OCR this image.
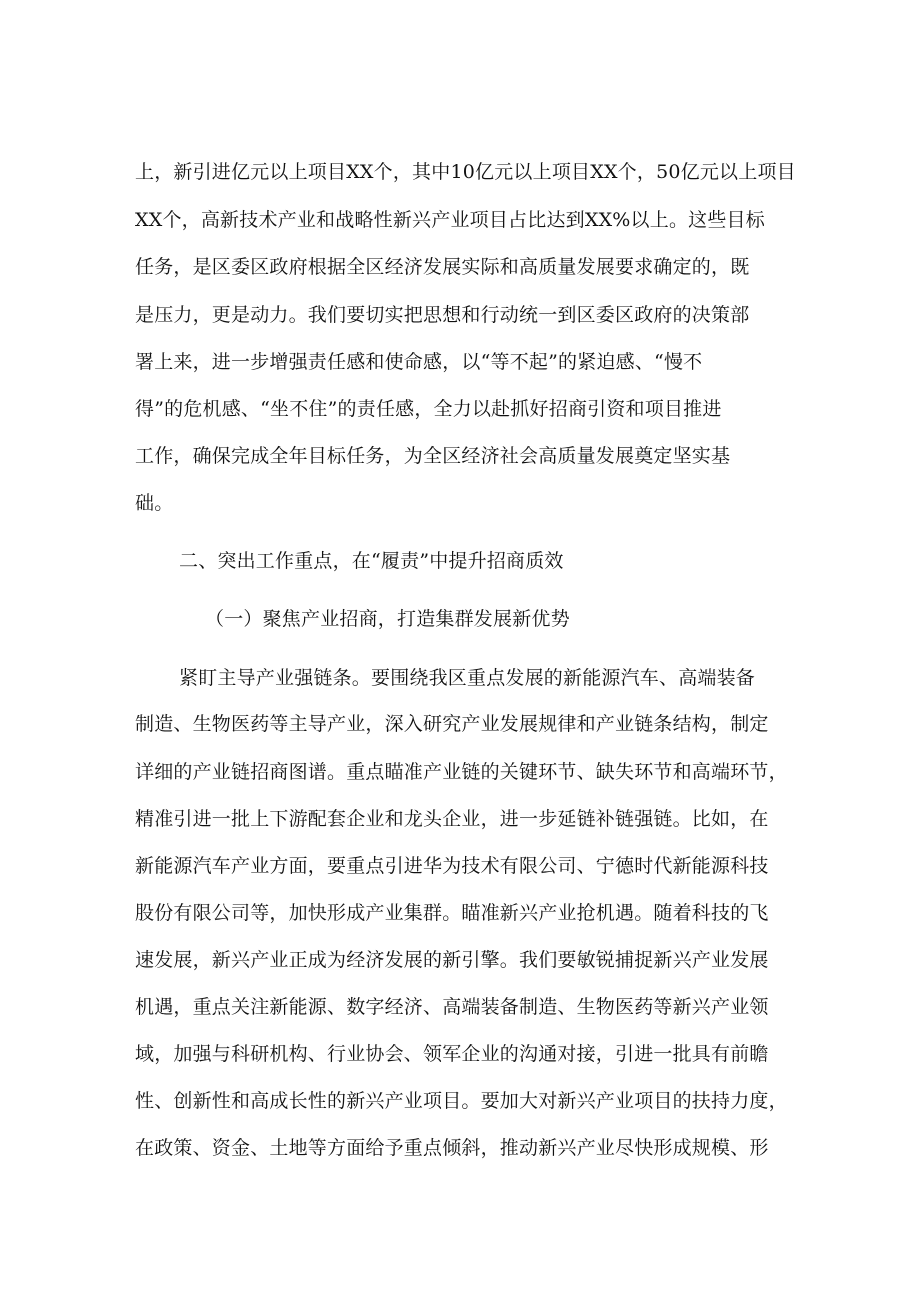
上，新引进亿元以上项目XX个，其中10亿元以上项目XX个，50亿元以上项目
XX个，高新技术产业和战略性新兴产业项目占比达到XX%以上。这些目标
任务，是区委区政府根据全区经济发展实际和高质量发展要求确定的，既
是压力，更是动力。我们要切实把思想和行动统一到区委区政府的决策部
署上来，进一步增强责任感和使命感，以“等不起”的紧迫感、“慢不
得”的危机感、“坐不住”的责任感，全力以赴抓好招商引资和项目推进
工作，确保完成全年目标任务，为全区经济社会高质量发展奠定坚实基
础。
二、突出工作重点，在“履责”中提升招商质效
（一）聚焦产业招商，打造集群发展新优势
紧盯主导产业强链条。要围绕我区重点发展的新能源汽车、高端装备
制造、生物医药等主导产业，深入研究产业发展规律和产业链条结构，制定
详细的产业链招商图谱。重点瞄准产业链的关键环节、缺失环节和高端环节，
精准引进一批上下游配套企业和龙头企业，进一步延链补链强链。比如，在
新能源汽车产业方面，要重点引进华为技术有限公司、宁德时代新能源科技
股份有限公司等，加快形成产业集群。瞄准新兴产业抢机遇。随着科技的飞
速发展，新兴产业正成为经济发展的新引擎。我们要敏锐捕捉新兴产业发展
机遇，重点关注新能源、数字经济、高端装备制造、生物医药等新兴产业领
域，加强与科研机构、行业协会、领军企业的沟通对接，引进一批具有前瞻
性、创新性和高成长性的新兴产业项目。要加大对新兴产业项目的扶持力度，
在政策、资金、土地等方面给予重点倾斜，推动新兴产业尽快形成规模、形
